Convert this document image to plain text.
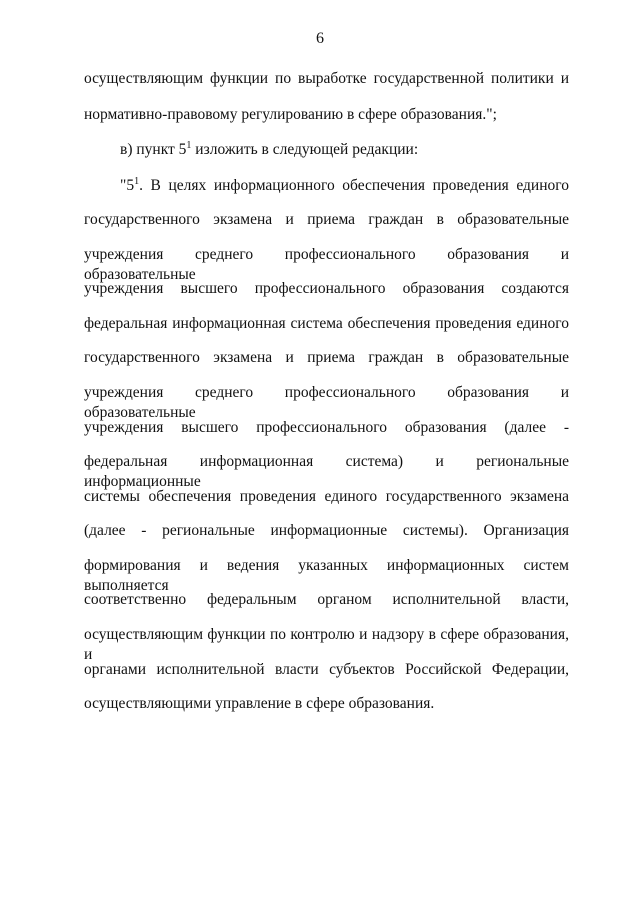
6
осуществляющим функции по выработке государственной политики и
нормативно-правовому регулированию в сфере образования.";
в) пункт $5^1$ изложить в следующей редакции:
"$5^1$. В целях информационного обеспечения проведения единого
государственного экзамена и приема граждан в образовательные
учреждения среднего профессионального образования и образовательные
учреждения высшего профессионального образования создаются
федеральная информационная система обеспечения проведения единого
государственного экзамена и приема граждан в образовательные
учреждения среднего профессионального образования и образовательные
учреждения высшего профессионального образования (далее -
федеральная информационная система) и региональные информационные
системы обеспечения проведения единого государственного экзамена
(далее - региональные информационные системы). Организация
формирования и ведения указанных информационных систем выполняется
соответственно федеральным органом исполнительной власти,
осуществляющим функции по контролю и надзору в сфере образования, и
органами исполнительной власти субъектов Российской Федерации,
осуществляющими управление в сфере образования.
